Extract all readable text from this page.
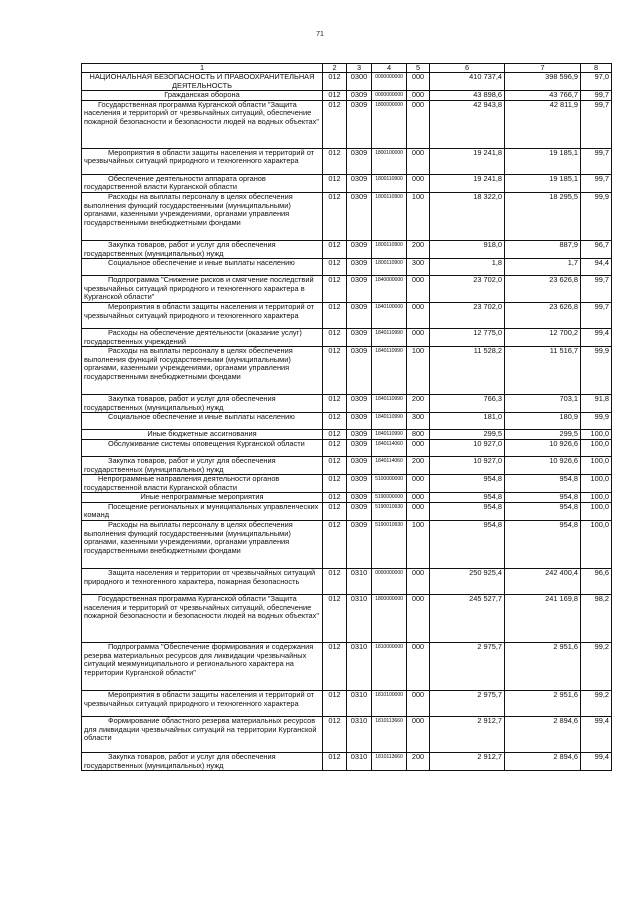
71
1	2	3	4	5	6	7	8
НАЦИОНАЛЬНАЯ БЕЗОПАСНОСТЬ И ПРАВООХРАНИТЕЛЬНАЯ ДЕЯТЕЛЬНОСТЬ	012	0300	0000000000	000	410 737,4	398 596,9	97,0
Гражданская оборона	012	0309	0000000000	000	43 898,6	43 766,7	99,7
Государственная программа Курганской области "Защита населения и территорий от чрезвычайных ситуаций, обеспечение пожарной безопасности и безопасности людей на водных объектах"	012	0309	1800000000	000	42 943,8	42 811,9	99,7
Мероприятия в области защиты населения и территорий от чрезвычайных ситуаций природного и техногенного характера	012	0309	1800100000	000	19 241,8	19 185,1	99,7
Обеспечение деятельности аппарата органов государственной власти Курганской области	012	0309	1800110900	000	19 241,8	19 185,1	99,7
Расходы на выплаты персоналу в целях обеспечения выполнения функций государственными (муниципальными) органами, казенными учреждениями, органами управления государственными внебюджетными фондами	012	0309	1800110900	100	18 322,0	18 295,5	99,9
Закупка товаров, работ и услуг для обеспечения государственных (муниципальных) нужд	012	0309	1800110900	200	918,0	887,9	96,7
Социальное обеспечение и иные выплаты населению	012	0309	1800110900	300	1,8	1,7	94,4
Подпрограмма "Снижение рисков и смягчение последствий чрезвычайных ситуаций природного и техногенного характера в Курганской области"	012	0309	1840000000	000	23 702,0	23 626,8	99,7
Мероприятия в области защиты населения и территорий от чрезвычайных ситуаций природного и техногенного характера	012	0309	1840100000	000	23 702,0	23 626,8	99,7
Расходы на обеспечение деятельности (оказание услуг) государственных учреждений	012	0309	1840110990	000	12 775,0	12 700,2	99,4
Расходы на выплаты персоналу в целях обеспечения выполнения функций государственными (муниципальными) органами, казенными учреждениями, органами управления государственными внебюджетными фондами	012	0309	1840110990	100	11 528,2	11 516,7	99,9
Закупка товаров, работ и услуг для обеспечения государственных (муниципальных) нужд	012	0309	1840110990	200	766,3	703,1	91,8
Социальное обеспечение и иные выплаты населению	012	0309	1840110990	300	181,0	180,9	99,9
Иные бюджетные ассигнования	012	0309	1840110990	800	299,5	299,5	100,0
Обслуживание системы оповещения Курганской области	012	0309	1840114060	000	10 927,0	10 926,6	100,0
Закупка товаров, работ и услуг для обеспечения государственных (муниципальных) нужд	012	0309	1840114060	200	10 927,0	10 926,6	100,0
Непрограммные направления деятельности органов государственной власти Курганской области	012	0309	5100000000	000	954,8	954,8	100,0
Иные непрограммные мероприятия	012	0309	5190000000	000	954,8	954,8	100,0
Посещение региональных и муниципальных управленческих команд	012	0309	5190010930	000	954,8	954,8	100,0
Расходы на выплаты персоналу в целях обеспечения выполнения функций государственными (муниципальными) органами, казенными учреждениями, органами управления государственными внебюджетными фондами	012	0309	5190010930	100	954,8	954,8	100,0
Защита населения и территории от чрезвычайных ситуаций природного и техногенного характера, пожарная безопасность	012	0310	0000000000	000	250 925,4	242 400,4	96,6
Государственная программа Курганской области "Защита населения и территорий от чрезвычайных ситуаций, обеспечение пожарной безопасности и безопасности людей на водных объектах"	012	0310	1800000000	000	245 527,7	241 169,8	98,2
Подпрограмма "Обеспечение формирования и содержания резерва материальных ресурсов для ликвидации чрезвычайных ситуаций межмуниципального и регионального характера на территории Курганской области"	012	0310	1810000000	000	2 975,7	2 951,6	99,2
Мероприятия в области защиты населения и территорий от чрезвычайных ситуаций природного и техногенного характера	012	0310	1810100000	000	2 975,7	2 951,6	99,2
Формирование областного резерва материальных ресурсов для ликвидации чрезвычайных ситуаций на территории Курганской области	012	0310	1810113660	000	2 912,7	2 894,6	99,4
Закупка товаров, работ и услуг для обеспечения государственных (муниципальных) нужд	012	0310	1810113660	200	2 912,7	2 894,6	99,4
